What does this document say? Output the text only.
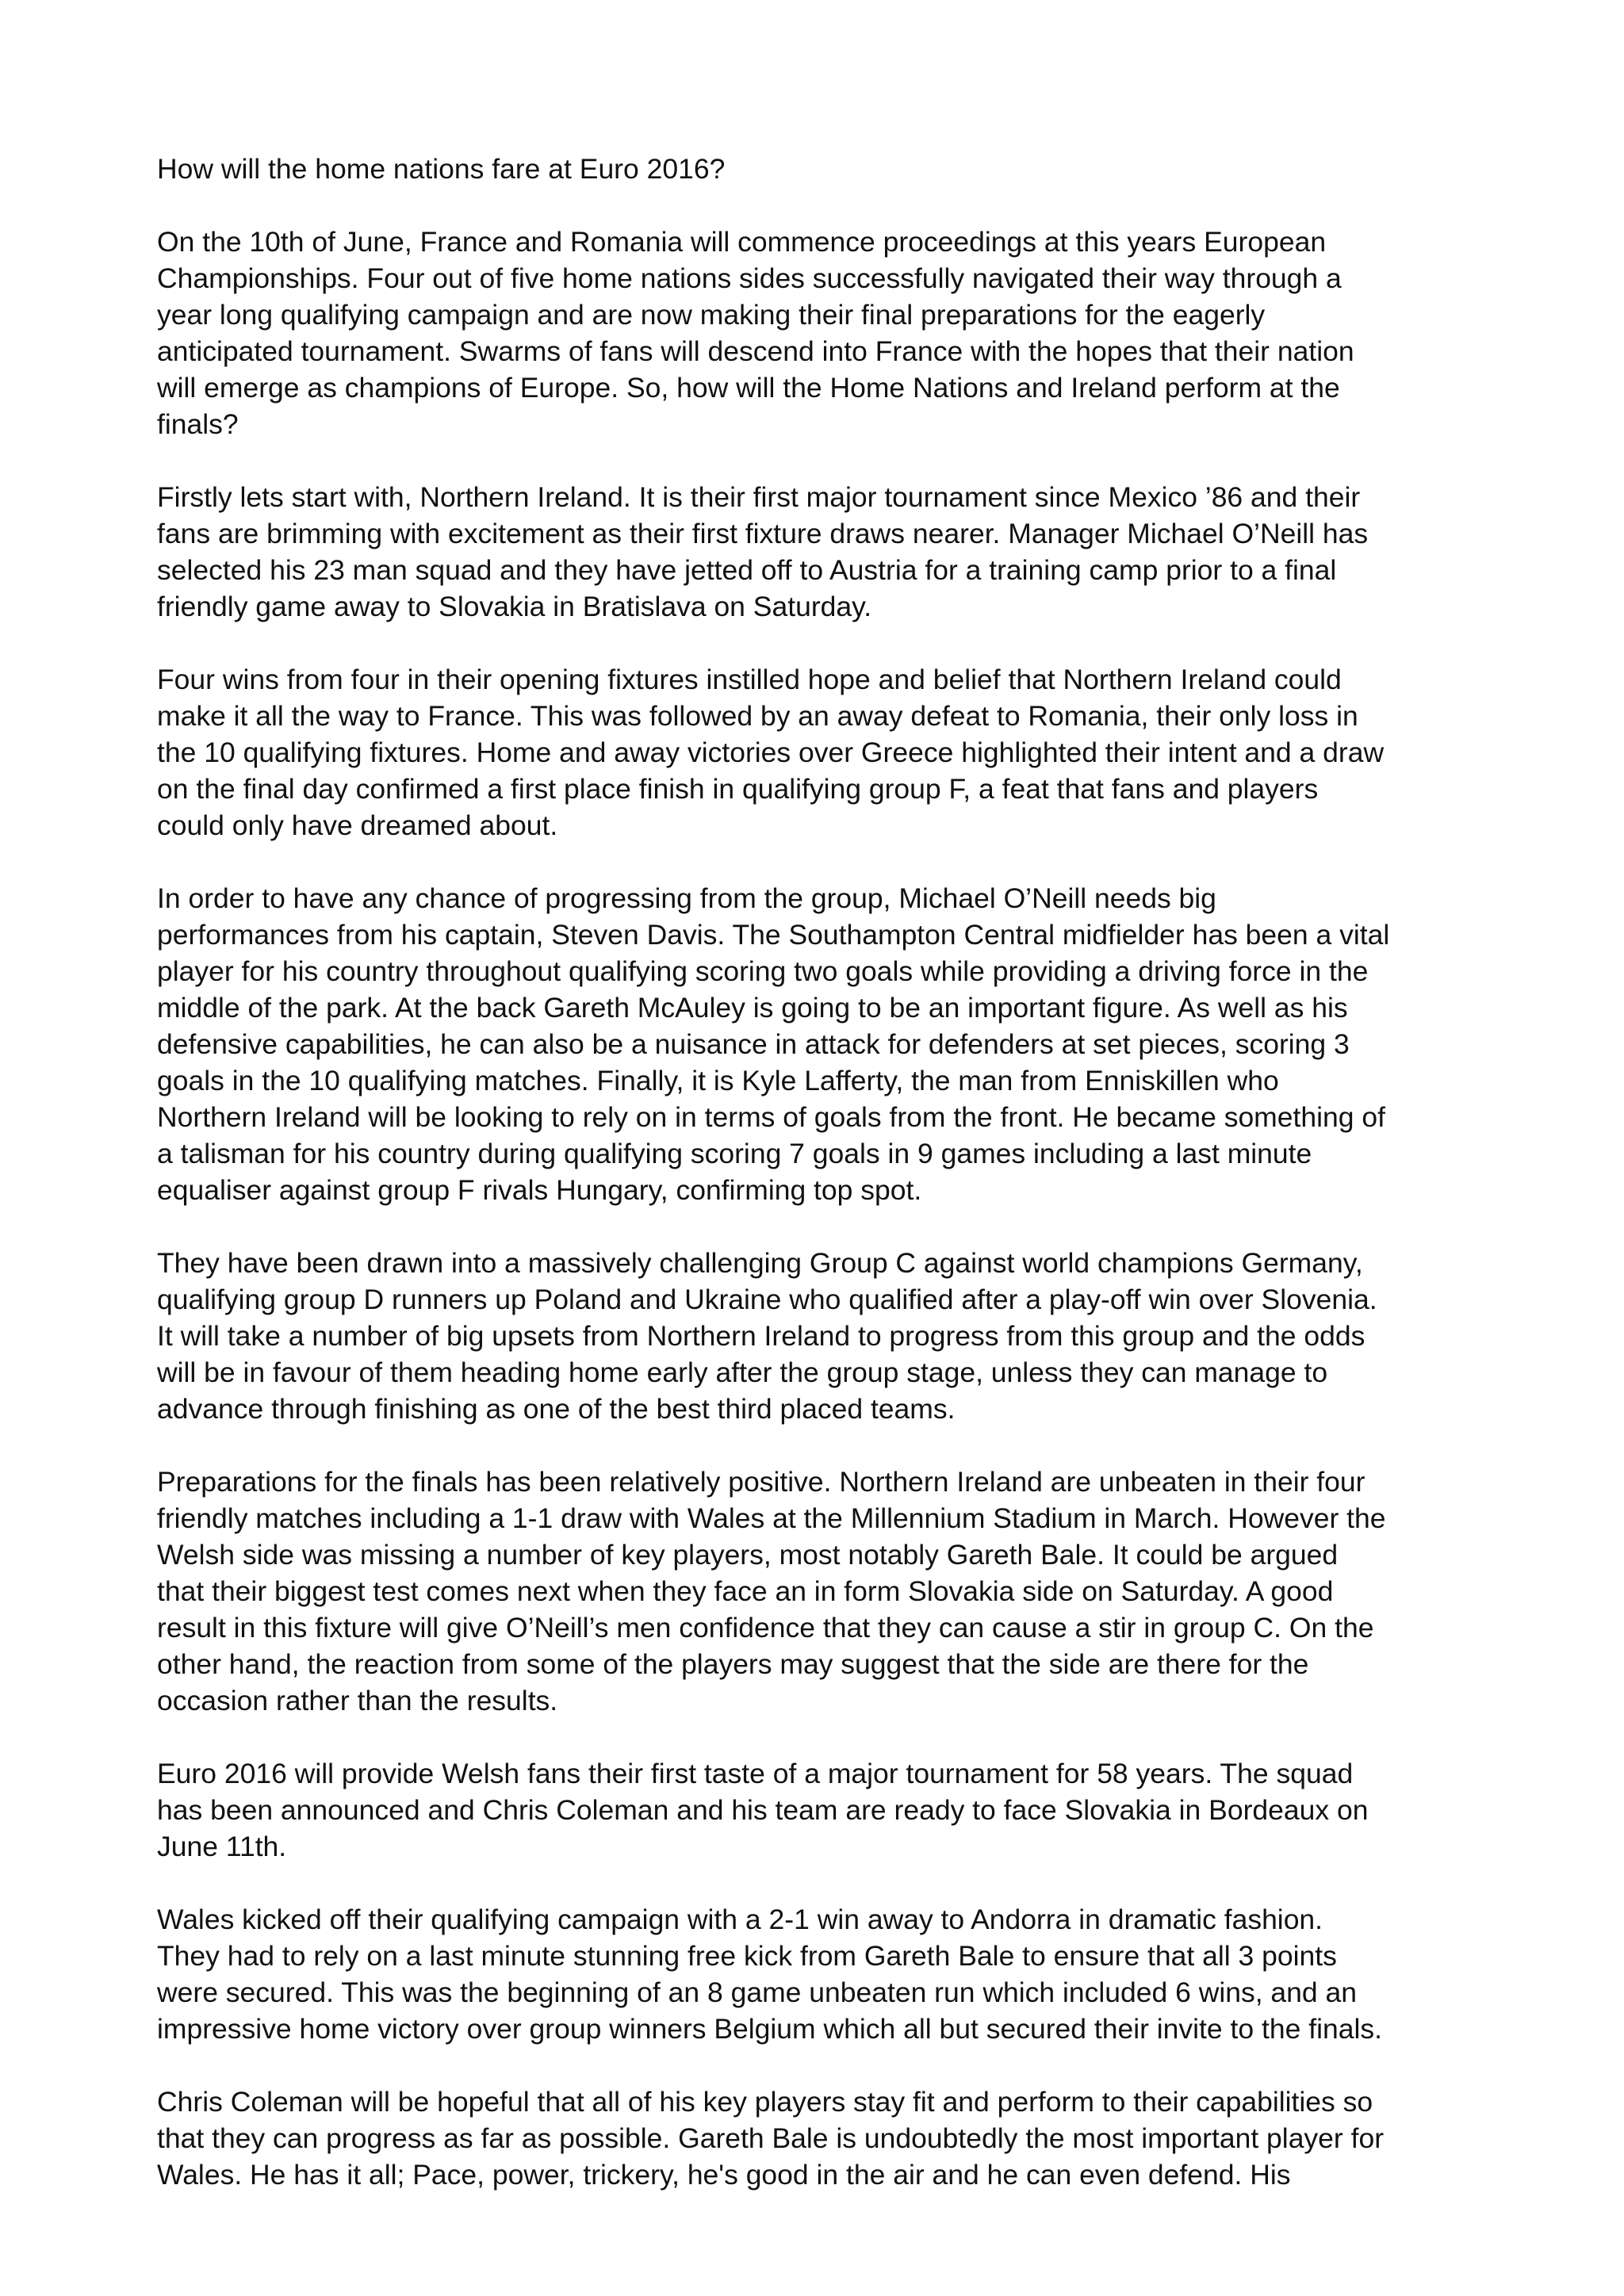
How will the home nations fare at Euro 2016?
On the 10th of June, France and Romania will commence proceedings at this years European
Championships. Four out of five home nations sides successfully navigated their way through a
year long qualifying campaign and are now making their final preparations for the eagerly
anticipated tournament. Swarms of fans will descend into France with the hopes that their nation
will emerge as champions of Europe. So, how will the Home Nations and Ireland perform at the
finals?
Firstly lets start with, Northern Ireland. It is their first major tournament since Mexico ’86 and their
fans are brimming with excitement as their first fixture draws nearer. Manager Michael O’Neill has
selected his 23 man squad and they have jetted off to Austria for a training camp prior to a final
friendly game away to Slovakia in Bratislava on Saturday.
Four wins from four in their opening fixtures instilled hope and belief that Northern Ireland could
make it all the way to France. This was followed by an away defeat to Romania, their only loss in
the 10 qualifying fixtures. Home and away victories over Greece highlighted their intent and a draw
on the final day confirmed a first place finish in qualifying group F, a feat that fans and players
could only have dreamed about.
In order to have any chance of progressing from the group, Michael O’Neill needs big
performances from his captain, Steven Davis. The Southampton Central midfielder has been a vital
player for his country throughout qualifying scoring two goals while providing a driving force in the
middle of the park. At the back Gareth McAuley is going to be an important figure. As well as his
defensive capabilities, he can also be a nuisance in attack for defenders at set pieces, scoring 3
goals in the 10 qualifying matches. Finally, it is Kyle Lafferty, the man from Enniskillen who
Northern Ireland will be looking to rely on in terms of goals from the front. He became something of
a talisman for his country during qualifying scoring 7 goals in 9 games including a last minute
equaliser against group F rivals Hungary, confirming top spot.
They have been drawn into a massively challenging Group C against world champions Germany,
qualifying group D runners up Poland and Ukraine who qualified after a play-off win over Slovenia.
It will take a number of big upsets from Northern Ireland to progress from this group and the odds
will be in favour of them heading home early after the group stage, unless they can manage to
advance through finishing as one of the best third placed teams.
Preparations for the finals has been relatively positive. Northern Ireland are unbeaten in their four
friendly matches including a 1-1 draw with Wales at the Millennium Stadium in March. However the
Welsh side was missing a number of key players, most notably Gareth Bale. It could be argued
that their biggest test comes next when they face an in form Slovakia side on Saturday. A good
result in this fixture will give O’Neill’s men confidence that they can cause a stir in group C. On the
other hand, the reaction from some of the players may suggest that the side are there for the
occasion rather than the results.
Euro 2016 will provide Welsh fans their first taste of a major tournament for 58 years. The squad
has been announced and Chris Coleman and his team are ready to face Slovakia in Bordeaux on
June 11th.
Wales kicked off their qualifying campaign with a 2-1 win away to Andorra in dramatic fashion.
They had to rely on a last minute stunning free kick from Gareth Bale to ensure that all 3 points
were secured. This was the beginning of an 8 game unbeaten run which included 6 wins, and an
impressive home victory over group winners Belgium which all but secured their invite to the finals.
Chris Coleman will be hopeful that all of his key players stay fit and perform to their capabilities so
that they can progress as far as possible. Gareth Bale is undoubtedly the most important player for
Wales. He has it all; Pace, power, trickery, he's good in the air and he can even defend. His
